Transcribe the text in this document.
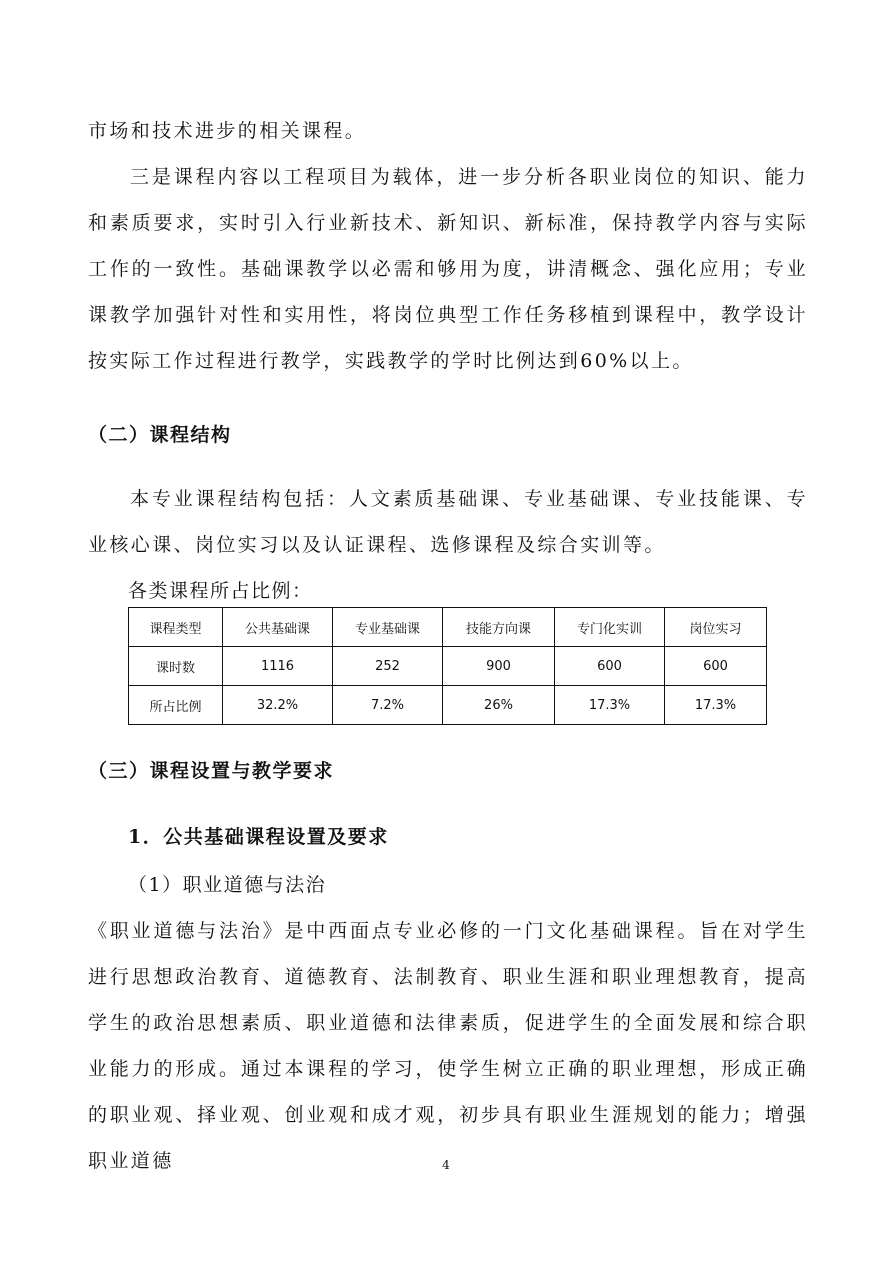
市场和技术进步的相关课程。

三是课程内容以工程项目为载体，进一步分析各职业岗位的知识、能力和素质要求，实时引入行业新技术、新知识、新标准，保持教学内容与实际工作的一致性。基础课教学以必需和够用为度，讲清概念、强化应用；专业课教学加强针对性和实用性，将岗位典型工作任务移植到课程中，教学设计按实际工作过程进行教学，实践教学的学时比例达到60%以上。

（二）课程结构

本专业课程结构包括：人文素质基础课、专业基础课、专业技能课、专业核心课、岗位实习以及认证课程、选修课程及综合实训等。

各类课程所占比例：

课程类型	公共基础课	专业基础课	技能方向课	专门化实训	岗位实习
课时数	1116	252	900	600	600
所占比例	32.2%	7.2%	26%	17.3%	17.3%

（三）课程设置与教学要求

1．公共基础课程设置及要求

（1）职业道德与法治

《职业道德与法治》是中西面点专业必修的一门文化基础课程。旨在对学生进行思想政治教育、道德教育、法制教育、职业生涯和职业理想教育，提高学生的政治思想素质、职业道德和法律素质，促进学生的全面发展和综合职业能力的形成。通过本课程的学习，使学生树立正确的职业理想，形成正确的职业观、择业观、创业观和成才观，初步具有职业生涯规划的能力；增强职业道德	4
